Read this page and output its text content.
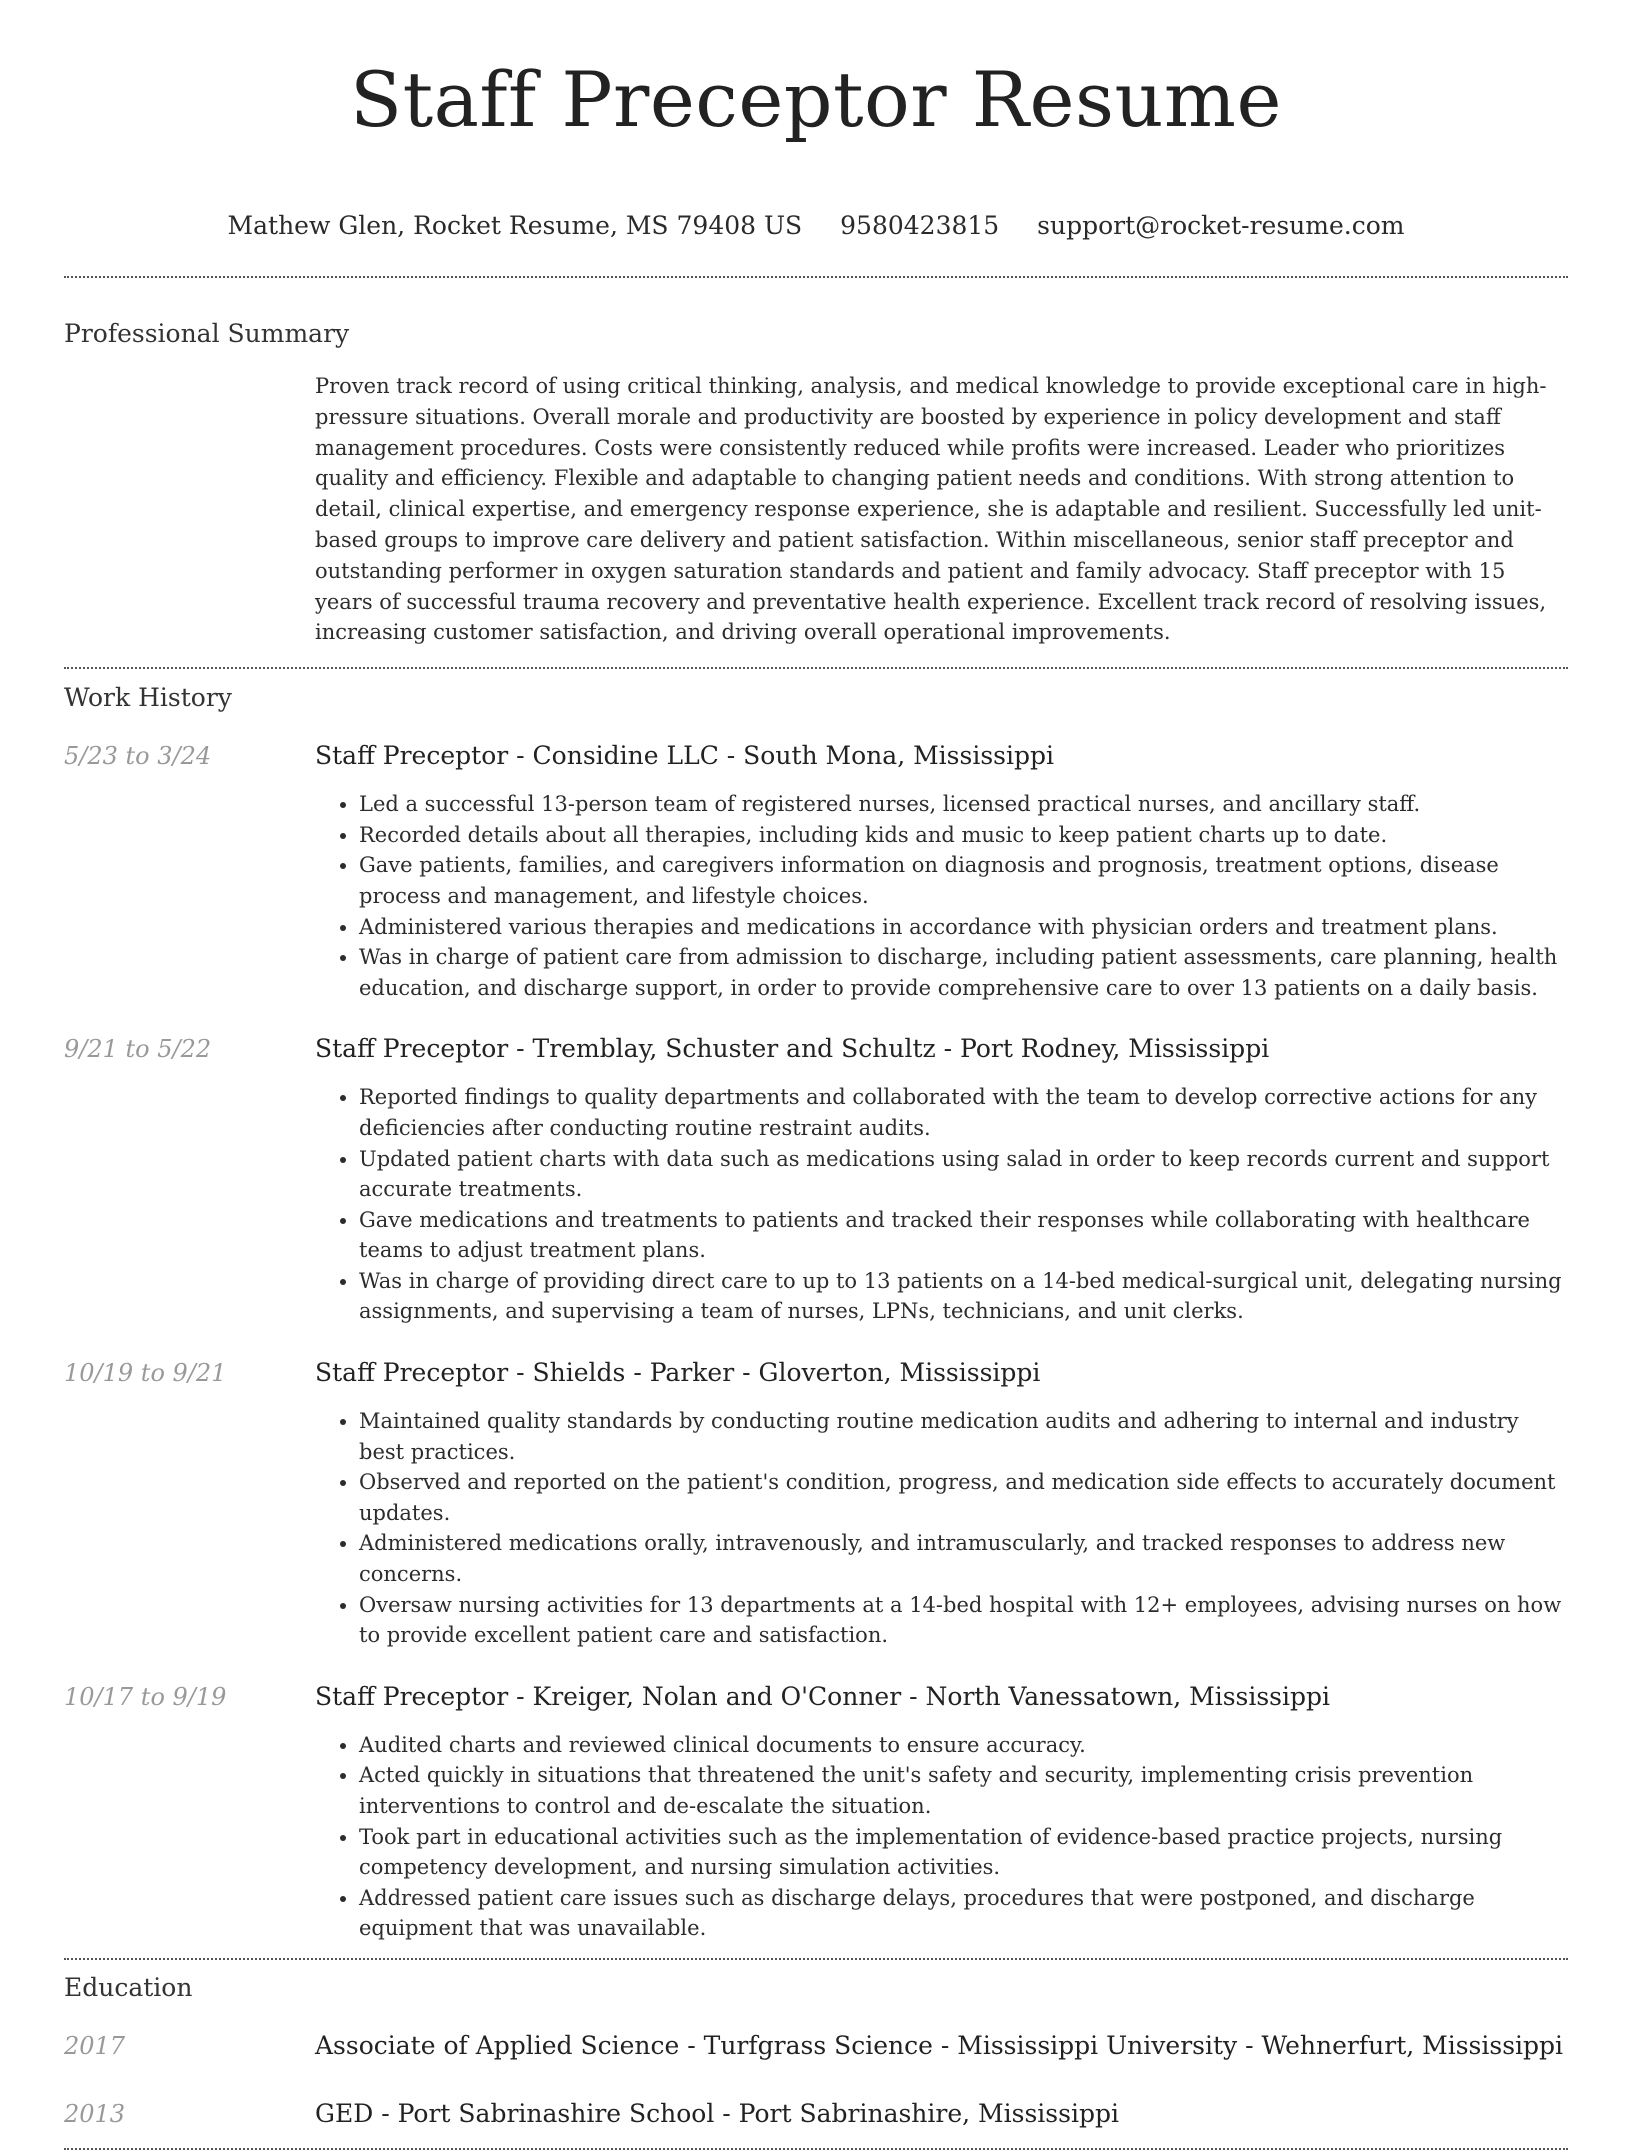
Staff Preceptor Resume
Mathew Glen, Rocket Resume, MS 79408 US 9580423815 support@rocket-resume.com
Professional Summary
Proven track record of using critical thinking, analysis, and medical knowledge to provide exceptional care in high-pressure situations. Overall morale and productivity are boosted by experience in policy development and staff management procedures. Costs were consistently reduced while profits were increased. Leader who prioritizes quality and efficiency. Flexible and adaptable to changing patient needs and conditions. With strong attention to detail, clinical expertise, and emergency response experience, she is adaptable and resilient. Successfully led unit-based groups to improve care delivery and patient satisfaction. Within miscellaneous, senior staff preceptor and outstanding performer in oxygen saturation standards and patient and family advocacy. Staff preceptor with 15 years of successful trauma recovery and preventative health experience. Excellent track record of resolving issues, increasing customer satisfaction, and driving overall operational improvements.
Work History
5/23 to 3/24	Staff Preceptor - Considine LLC - South Mona, Mississippi
• Led a successful 13-person team of registered nurses, licensed practical nurses, and ancillary staff.
• Recorded details about all therapies, including kids and music to keep patient charts up to date.
• Gave patients, families, and caregivers information on diagnosis and prognosis, treatment options, disease process and management, and lifestyle choices.
• Administered various therapies and medications in accordance with physician orders and treatment plans.
• Was in charge of patient care from admission to discharge, including patient assessments, care planning, health education, and discharge support, in order to provide comprehensive care to over 13 patients on a daily basis.
9/21 to 5/22	Staff Preceptor - Tremblay, Schuster and Schultz - Port Rodney, Mississippi
• Reported findings to quality departments and collaborated with the team to develop corrective actions for any deficiencies after conducting routine restraint audits.
• Updated patient charts with data such as medications using salad in order to keep records current and support accurate treatments.
• Gave medications and treatments to patients and tracked their responses while collaborating with healthcare teams to adjust treatment plans.
• Was in charge of providing direct care to up to 13 patients on a 14-bed medical-surgical unit, delegating nursing assignments, and supervising a team of nurses, LPNs, technicians, and unit clerks.
10/19 to 9/21	Staff Preceptor - Shields - Parker - Gloverton, Mississippi
• Maintained quality standards by conducting routine medication audits and adhering to internal and industry best practices.
• Observed and reported on the patient's condition, progress, and medication side effects to accurately document updates.
• Administered medications orally, intravenously, and intramuscularly, and tracked responses to address new concerns.
• Oversaw nursing activities for 13 departments at a 14-bed hospital with 12+ employees, advising nurses on how to provide excellent patient care and satisfaction.
10/17 to 9/19	Staff Preceptor - Kreiger, Nolan and O'Conner - North Vanessatown, Mississippi
• Audited charts and reviewed clinical documents to ensure accuracy.
• Acted quickly in situations that threatened the unit's safety and security, implementing crisis prevention interventions to control and de-escalate the situation.
• Took part in educational activities such as the implementation of evidence-based practice projects, nursing competency development, and nursing simulation activities.
• Addressed patient care issues such as discharge delays, procedures that were postponed, and discharge equipment that was unavailable.
Education
2017	Associate of Applied Science - Turfgrass Science - Mississippi University - Wehnerfurt, Mississippi
2013	GED - Port Sabrinashire School - Port Sabrinashire, Mississippi
